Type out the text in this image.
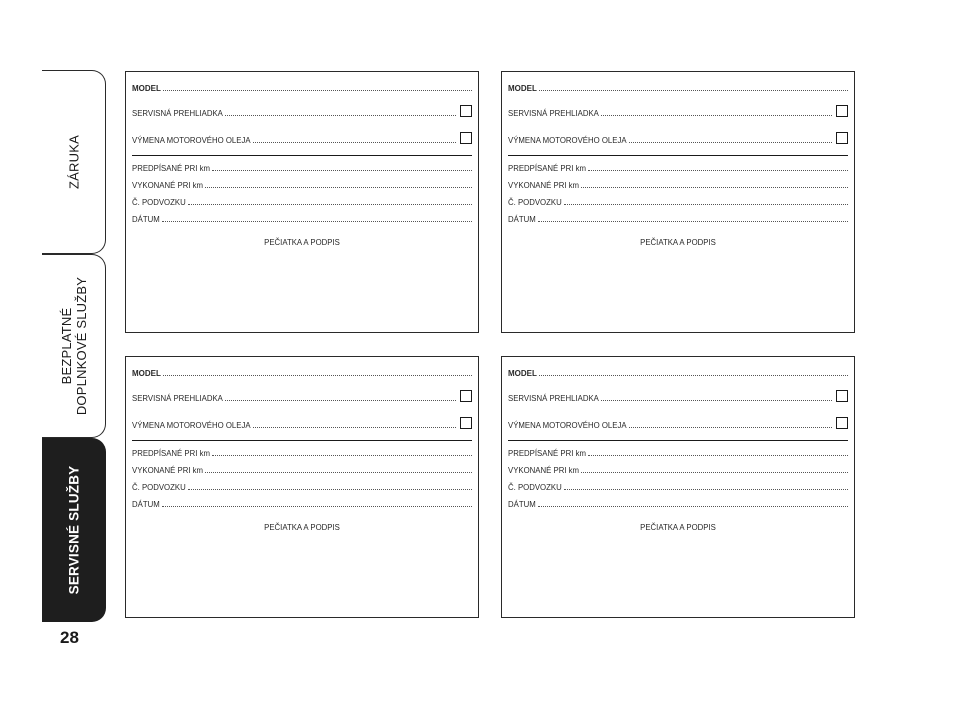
ZÁRUKA
BEZPLATNÉ DOPLNKOVÉ SLUŽBY
SERVISNÉ SLUŽBY
28
MODEL
SERVISNÁ PREHLIADKA
VÝMENA MOTOROVÉHO OLEJA
PREDPÍSANÉ PRI km
VYKONANÉ PRI km
Č. PODVOZKU
DÁTUM
PEČIATKA A PODPIS
MODEL
SERVISNÁ PREHLIADKA
VÝMENA MOTOROVÉHO OLEJA
PREDPÍSANÉ PRI km
VYKONANÉ PRI km
Č. PODVOZKU
DÁTUM
PEČIATKA A PODPIS
MODEL
SERVISNÁ PREHLIADKA
VÝMENA MOTOROVÉHO OLEJA
PREDPÍSANÉ PRI km
VYKONANÉ PRI km
Č. PODVOZKU
DÁTUM
PEČIATKA A PODPIS
MODEL
SERVISNÁ PREHLIADKA
VÝMENA MOTOROVÉHO OLEJA
PREDPÍSANÉ PRI km
VYKONANÉ PRI km
Č. PODVOZKU
DÁTUM
PEČIATKA A PODPIS
